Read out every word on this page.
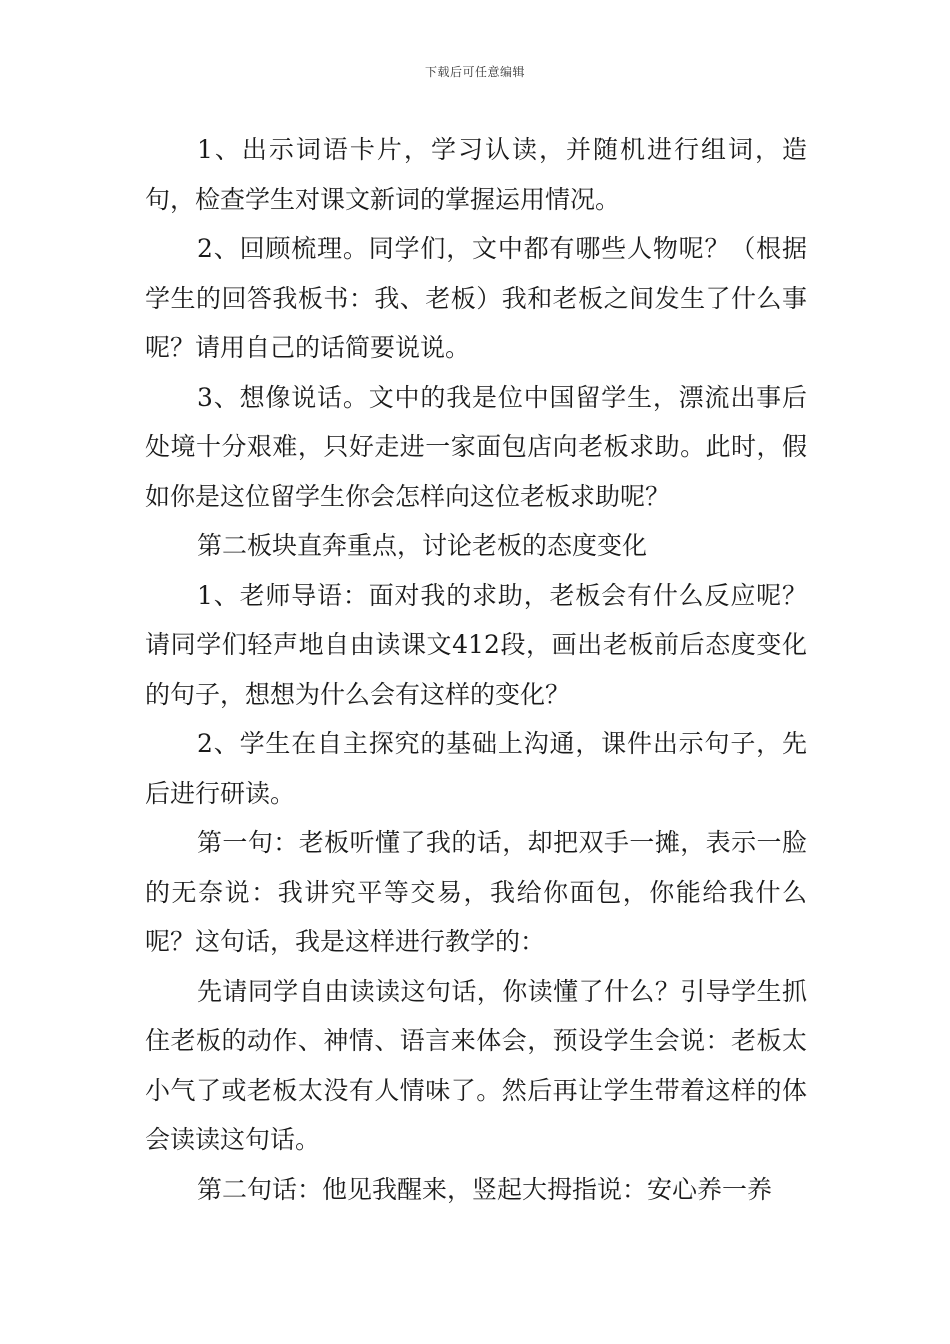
下载后可任意编辑

1、出示词语卡片，学习认读，并随机进行组词，造句，检查学生对课文新词的掌握运用情况。

2、回顾梳理。同学们，文中都有哪些人物呢？（根据学生的回答我板书：我、老板）我和老板之间发生了什么事呢？请用自己的话简要说说。

3、想像说话。文中的我是位中国留学生，漂流出事后处境十分艰难，只好走进一家面包店向老板求助。此时，假如你是这位留学生你会怎样向这位老板求助呢？

第二板块直奔重点，讨论老板的态度变化

1、老师导语：面对我的求助，老板会有什么反应呢？请同学们轻声地自由读课文412段，画出老板前后态度变化的句子，想想为什么会有这样的变化？

2、学生在自主探究的基础上沟通，课件出示句子，先后进行研读。

第一句：老板听懂了我的话，却把双手一摊，表示一脸的无奈说：我讲究平等交易，我给你面包，你能给我什么呢？这句话，我是这样进行教学的：

先请同学自由读读这句话，你读懂了什么？引导学生抓住老板的动作、神情、语言来体会，预设学生会说：老板太小气了或老板太没有人情味了。然后再让学生带着这样的体会读读这句话。

第二句话：他见我醒来，竖起大拇指说：安心养一养
